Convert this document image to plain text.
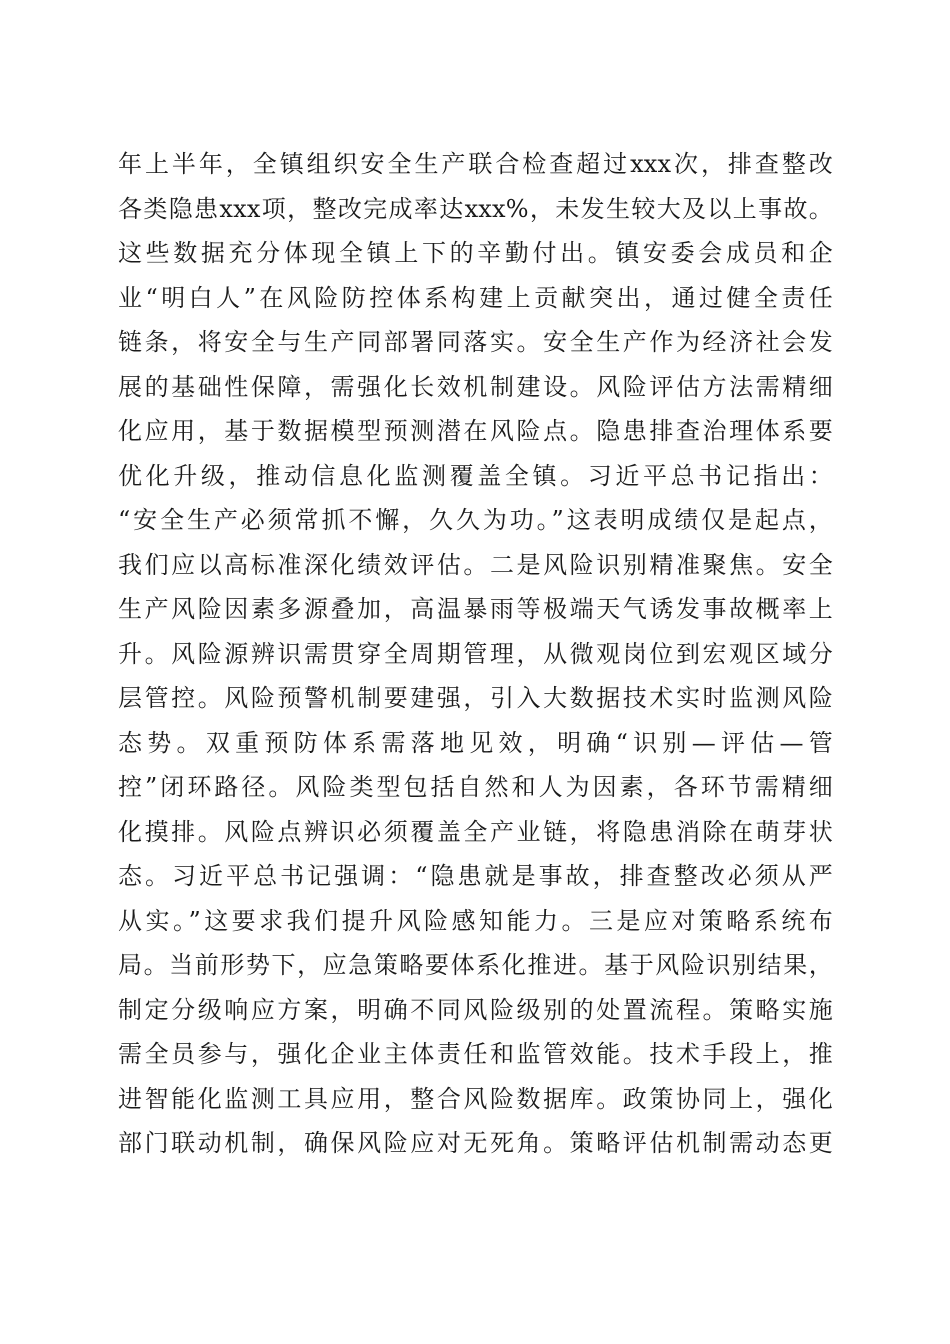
年上半年，全镇组织安全生产联合检查超过xxx次，排查整改
各类隐患xxx项，整改完成率达xxx%，未发生较大及以上事故。
这些数据充分体现全镇上下的辛勤付出。镇安委会成员和企
业“明白人”在风险防控体系构建上贡献突出，通过健全责任
链条，将安全与生产同部署同落实。安全生产作为经济社会发
展的基础性保障，需强化长效机制建设。风险评估方法需精细
化应用，基于数据模型预测潜在风险点。隐患排查治理体系要
优化升级，推动信息化监测覆盖全镇。习近平总书记指出：
“安全生产必须常抓不懈，久久为功。”这表明成绩仅是起点，
我们应以高标准深化绩效评估。二是风险识别精准聚焦。安全
生产风险因素多源叠加，高温暴雨等极端天气诱发事故概率上
升。风险源辨识需贯穿全周期管理，从微观岗位到宏观区域分
层管控。风险预警机制要建强，引入大数据技术实时监测风险
态势。双重预防体系需落地见效，明确“识别—评估—管
控”闭环路径。风险类型包括自然和人为因素，各环节需精细
化摸排。风险点辨识必须覆盖全产业链，将隐患消除在萌芽状
态。习近平总书记强调：“隐患就是事故，排查整改必须从严
从实。”这要求我们提升风险感知能力。三是应对策略系统布
局。当前形势下，应急策略要体系化推进。基于风险识别结果，
制定分级响应方案，明确不同风险级别的处置流程。策略实施
需全员参与，强化企业主体责任和监管效能。技术手段上，推
进智能化监测工具应用，整合风险数据库。政策协同上，强化
部门联动机制，确保风险应对无死角。策略评估机制需动态更
